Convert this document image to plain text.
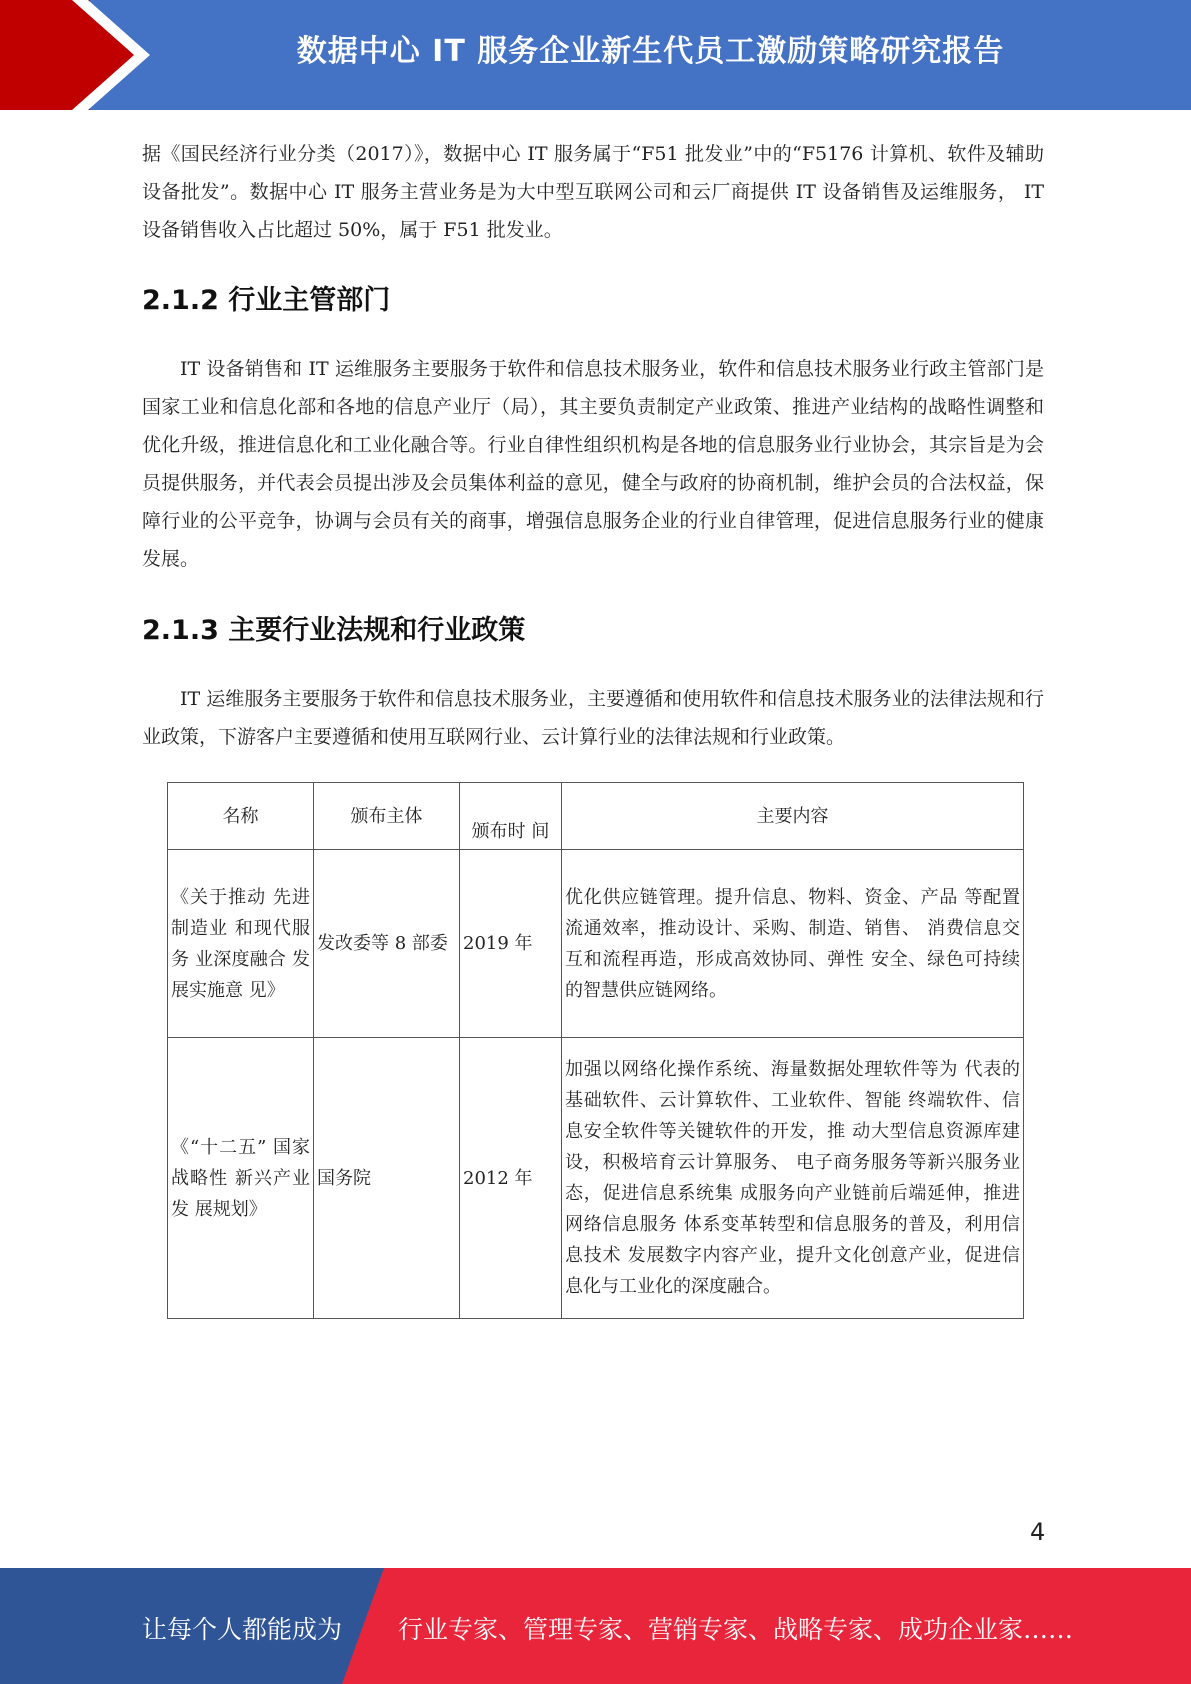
数据中心 IT 服务企业新生代员工激励策略研究报告

据《国民经济行业分类（2017）》，数据中心 IT 服务属于“F51 批发业”中的“F5176 计算机、软件及辅助设备批发”。数据中心 IT 服务主营业务是为大中型互联网公司和云厂商提供 IT 设备销售及运维服务， IT 设备销售收入占比超过 50%，属于 F51 批发业。

2.1.2 行业主管部门

IT 设备销售和 IT 运维服务主要服务于软件和信息技术服务业，软件和信息技术服务业行政主管部门是国家工业和信息化部和各地的信息产业厅（局），其主要负责制定产业政策、推进产业结构的战略性调整和优化升级，推进信息化和工业化融合等。行业自律性组织机构是各地的信息服务业行业协会，其宗旨是为会员提供服务，并代表会员提出涉及会员集体利益的意见，健全与政府的协商机制，维护会员的合法权益，保障行业的公平竞争，协调与会员有关的商事，增强信息服务企业的行业自律管理，促进信息服务行业的健康发展。

2.1.3 主要行业法规和行业政策

IT 运维服务主要服务于软件和信息技术服务业，主要遵循和使用软件和信息技术服务业的法律法规和行业政策，下游客户主要遵循和使用互联网行业、云计算行业的法律法规和行业政策。

名称	颁布主体	颁布时 间	主要内容
《关于推动 先进制造业 和现代服务 业深度融合 发展实施意 见》	发改委等 8 部委	2019 年	优化供应链管理。提升信息、物料、资金、产品 等配置流通效率，推动设计、采购、制造、销售、 消费信息交互和流程再造，形成高效协同、弹性 安全、绿色可持续的智慧供应链网络。
《“十二五” 国家战略性 新兴产业发 展规划》	国务院	2012 年	加强以网络化操作系统、海量数据处理软件等为 代表的基础软件、云计算软件、工业软件、智能 终端软件、信息安全软件等关键软件的开发，推 动大型信息资源库建设，积极培育云计算服务、 电子商务服务等新兴服务业态，促进信息系统集 成服务向产业链前后端延伸，推进网络信息服务 体系变革转型和信息服务的普及，利用信息技术 发展数字内容产业，提升文化创意产业，促进信 息化与工业化的深度融合。
4
让每个人都能成为 行业专家、管理专家、营销专家、战略专家、成功企业家……
